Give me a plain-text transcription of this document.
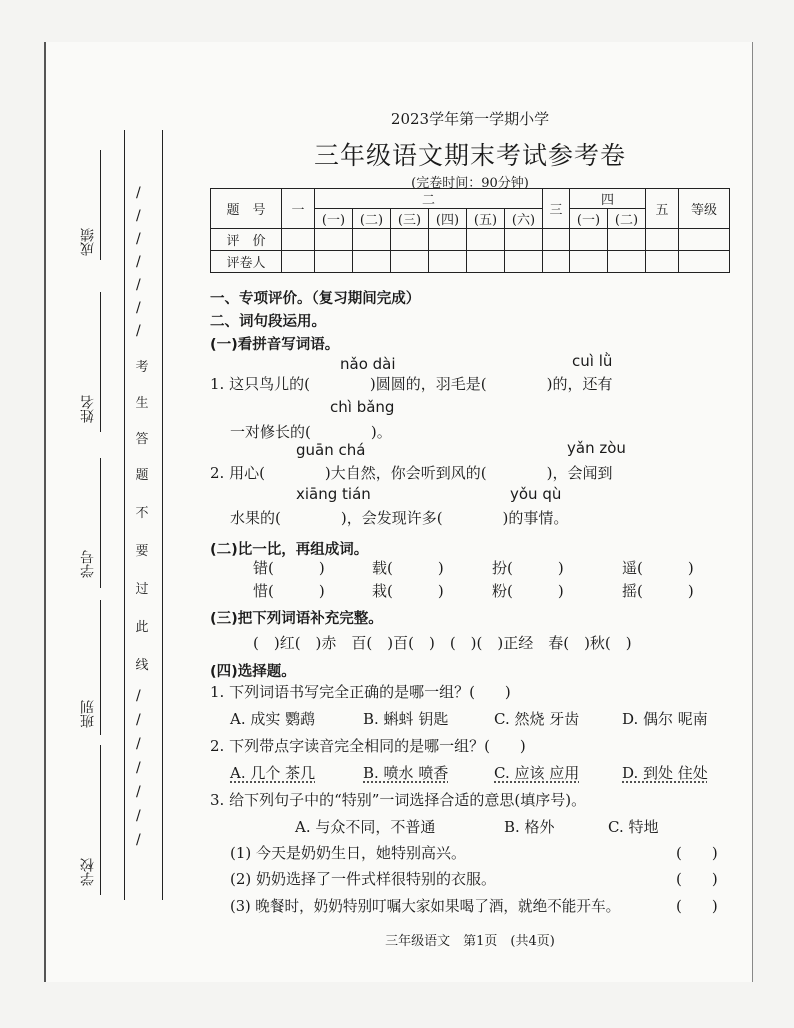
成绩
姓名
学号
班别
学校
/
/
/
/
/
/
/
/
/
/
/
/
/
/
考
生
答
题
不
要
过
此
线
2023学年第一学期小学
三年级语文期末考试参考卷
(完卷时间：90分钟)
题　号	一	二						三	四		五	等级
		(一)	(二)	(三)	(四)	(五)	(六)		(一)	(二)		
评　价												
评卷人												
一、专项评价。（复习期间完成）
二、词句段运用。
(一)看拼音写词语。
nǎo dài	cuì lǜ
1. 这只鸟儿的(　　　　)圆圆的，羽毛是(　　　　)的，还有
chì bǎng
一对修长的(　　　　)。
guān chá	yǎn zòu
2. 用心(　　　　)大自然，你会听到风的(　　　　)，会闻到
xiāng tián	yǒu qù
水果的(　　　　)，会发现许多(　　　　)的事情。
(二)比一比，再组成词。
错(　　　)	载(　　　)	扮(　　　)	遥(　　　)
惜(　　　)	栽(　　　)	粉(　　　)	摇(　　　)
(三)把下列词语补充完整。
(　)红(　)赤　百(　)百(　)　(　)(　)正经　春(　)秋(　)
(四)选择题。
1. 下列词语书写完全正确的是哪一组？(　　)
A. 成实 鹦鹉	B. 蝌蚪 钥匙	C. 然烧 牙齿	D. 偶尔 呢南
2. 下列带点字读音完全相同的是哪一组？(　　)
A. 几个 茶几	B. 喷水 喷香	C. 应该 应用	D. 到处 住处
3. 给下列句子中的“特别”一词选择合适的意思(填序号)。
A. 与众不同，不普通	B. 格外	C. 特地
(1) 今天是奶奶生日，她特别高兴。	(　　)
(2) 奶奶选择了一件式样很特别的衣服。	(　　)
(3) 晚餐时，奶奶特别叮嘱大家如果喝了酒，就绝不能开车。	(　　)
三年级语文　第1页　(共4页)
